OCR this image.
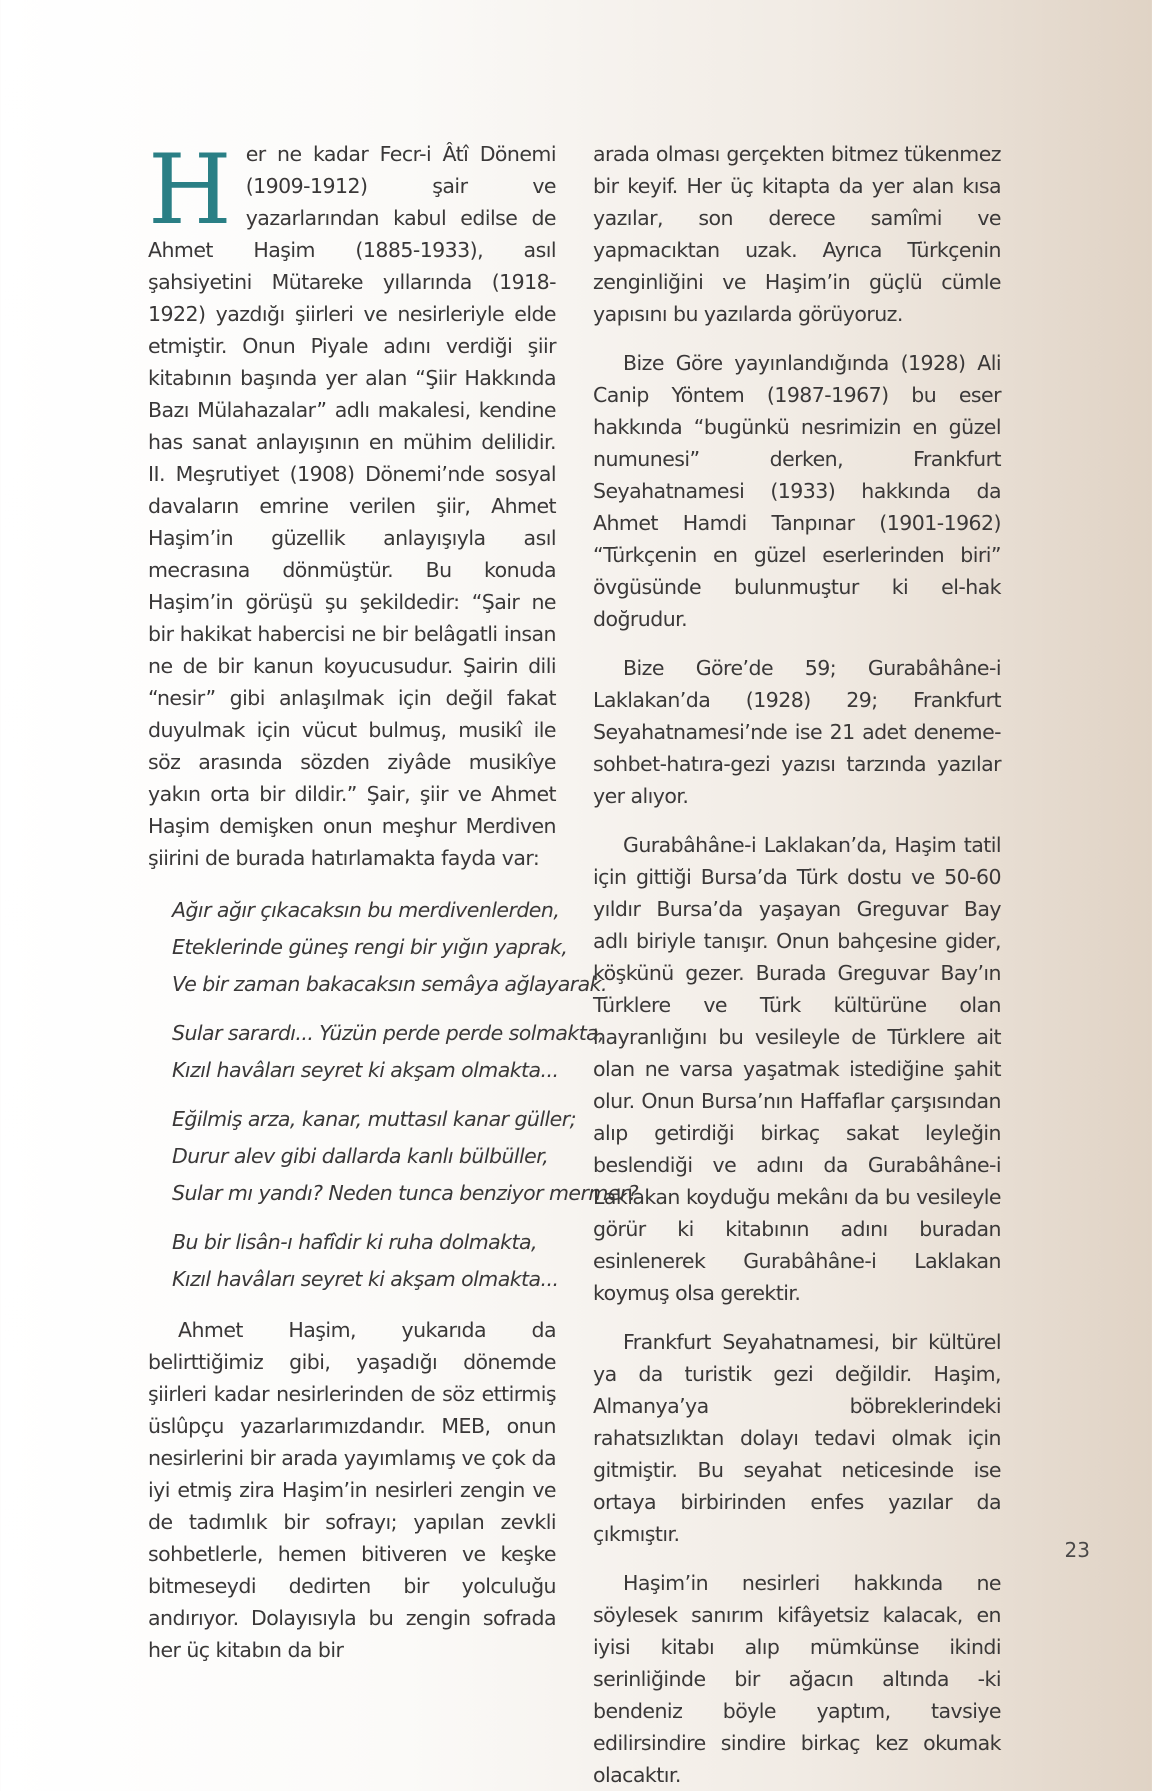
Her ne kadar Fecr-i Âtî Dönemi (1909-1912) şair ve yazarlarından kabul edilse de Ahmet Haşim (1885-1933), asıl şahsiyetini Mütareke yıllarında (1918-1922) yazdığı şiirleri ve nesirleriyle elde etmiştir. Onun Piyale adını verdiği şiir kitabının başında yer alan “Şiir Hakkında Bazı Mülahazalar” adlı makalesi, kendine has sanat anlayışının en mühim delilidir. II. Meşrutiyet (1908) Dönemi’nde sosyal davaların emrine verilen şiir, Ahmet Haşim’in güzellik anlayışıyla asıl mecrasına dönmüştür. Bu konuda Haşim’in görüşü şu şekildedir: “Şair ne bir hakikat habercisi ne bir belâgatli insan ne de bir kanun koyucusudur. Şairin dili “nesir” gibi anlaşılmak için değil fakat duyulmak için vücut bulmuş, musikî ile söz arasında sözden ziyâde musikîye yakın orta bir dildir.” Şair, şiir ve Ahmet Haşim demişken onun meşhur Merdiven şiirini de burada hatırlamakta fayda var:

Ağır ağır çıkacaksın bu merdivenlerden,
Eteklerinde güneş rengi bir yığın yaprak,
Ve bir zaman bakacaksın semâya ağlayarak.
Sular sarardı... Yüzün perde perde solmakta,
Kızıl havâları seyret ki akşam olmakta...
Eğilmiş arza, kanar, muttasıl kanar güller;
Durur alev gibi dallarda kanlı bülbüller,
Sular mı yandı? Neden tunca benziyor mermer?
Bu bir lisân-ı hafîdir ki ruha dolmakta,
Kızıl havâları seyret ki akşam olmakta...

Ahmet Haşim, yukarıda da belirttiğimiz gibi, yaşadığı dönemde şiirleri kadar nesirlerinden de söz ettirmiş üslûpçu yazarlarımızdandır. MEB, onun nesirlerini bir arada yayımlamış ve çok da iyi etmiş zira Haşim’in nesirleri zengin ve de tadımlık bir sofrayı; yapılan zevkli sohbetlerle, hemen bitiveren ve keşke bitmeseydi dedirten bir yolculuğu andırıyor. Dolayısıyla bu zengin sofrada her üç kitabın da bir

arada olması gerçekten bitmez tükenmez bir keyif. Her üç kitapta da yer alan kısa yazılar, son derece samîmi ve yapmacıktan uzak. Ayrıca Türkçenin zenginliğini ve Haşim’in güçlü cümle yapısını bu yazılarda görüyoruz.

Bize Göre yayınlandığında (1928) Ali Canip Yöntem (1987-1967) bu eser hakkında “bugünkü nesrimizin en güzel numunesi” derken, Frankfurt Seyahatnamesi (1933) hakkında da Ahmet Hamdi Tanpınar (1901-1962) “Türkçenin en güzel eserlerinden biri” övgüsünde bulunmuştur ki el-hak doğrudur.

Bize Göre’de 59; Gurabâhâne-i Laklakan’da (1928) 29; Frankfurt Seyahatnamesi’nde ise 21 adet deneme-sohbet-hatıra-gezi yazısı tarzında yazılar yer alıyor.

Gurabâhâne-i Laklakan’da, Haşim tatil için gittiği Bursa’da Türk dostu ve 50-60 yıldır Bursa’da yaşayan Greguvar Bay adlı biriyle tanışır. Onun bahçesine gider, köşkünü gezer. Burada Greguvar Bay’ın Türklere ve Türk kültürüne olan hayranlığını bu vesileyle de Türklere ait olan ne varsa yaşatmak istediğine şahit olur. Onun Bursa’nın Haffaflar çarşısından alıp getirdiği birkaç sakat leyleğin beslendiği ve adını da Gurabâhâne-i Laklakan koyduğu mekânı da bu vesileyle görür ki kitabının adını buradan esinlenerek Gurabâhâne-i Laklakan koymuş olsa gerektir.

Frankfurt Seyahatnamesi, bir kültürel ya da turistik gezi değildir. Haşim, Almanya’ya böbreklerindeki rahatsızlıktan dolayı tedavi olmak için gitmiştir. Bu seyahat neticesinde ise ortaya birbirinden enfes yazılar da çıkmıştır.

Haşim’in nesirleri hakkında ne söylesek sanırım kifâyetsiz kalacak, en iyisi kitabı alıp mümkünse ikindi serinliğinde bir ağacın altında -ki bendeniz böyle yaptım, tavsiye edilirsindire sindire birkaç kez okumak olacaktır.

23
